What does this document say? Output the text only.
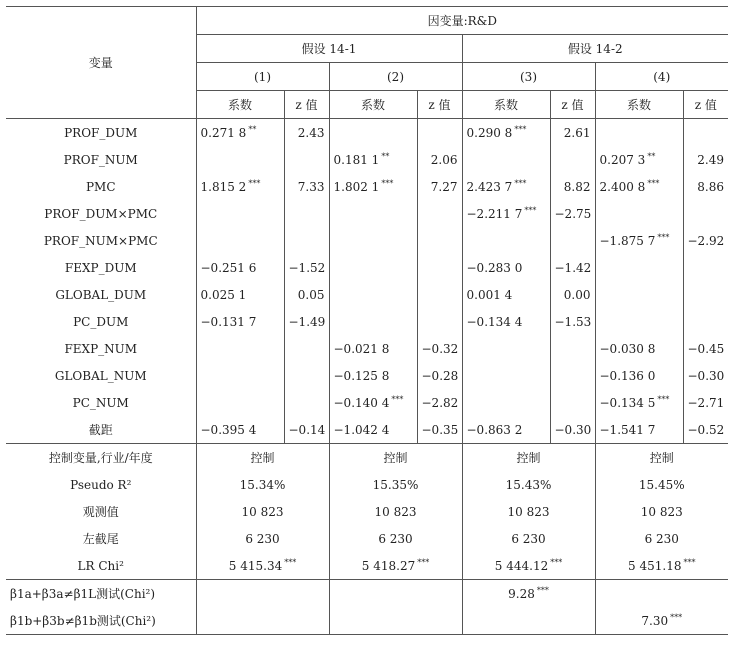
变量	因变量:R&D							
	假设 14-1				假设 14-2			
	(1)		(2)		(3)		(4)	
	系数	z 值	系数	z 值	系数	z 值	系数	z 值
PROF_DUM	0.271 8 **	2.43			0.290 8 ***	2.61		
PROF_NUM			0.181 1 **	2.06			0.207 3 **	2.49
PMC	1.815 2 ***	7.33	1.802 1 ***	7.27	2.423 7 ***	8.82	2.400 8 ***	8.86
PROF_DUM×PMC					−2.211 7 ***	−2.75		
PROF_NUM×PMC							−1.875 7 ***	−2.92
FEXP_DUM	−0.251 6	−1.52			−0.283 0	−1.42		
GLOBAL_DUM	0.025 1	0.05			0.001 4	0.00		
PC_DUM	−0.131 7	−1.49			−0.134 4	−1.53		
FEXP_NUM			−0.021 8	−0.32			−0.030 8	−0.45
GLOBAL_NUM			−0.125 8	−0.28			−0.136 0	−0.30
PC_NUM			−0.140 4 ***	−2.82			−0.134 5 ***	−2.71
截距	−0.395 4	−0.14	−1.042 4	−0.35	−0.863 2	−0.30	−1.541 7	−0.52
控制变量,行业/年度	控制		控制		控制		控制	
Pseudo R²	15.34%		15.35%		15.43%		15.45%	
观测值	10 823		10 823		10 823		10 823	
左截尾	6 230		6 230		6 230		6 230	
LR Chi²	5 415.34 ***		5 418.27 ***		5 444.12 ***		5 451.18 ***
β1a+β3a≠β1L测试(Chi²)					9.28 ***	
β1b+β3b≠β1b测试(Chi²)							7.30 ***
